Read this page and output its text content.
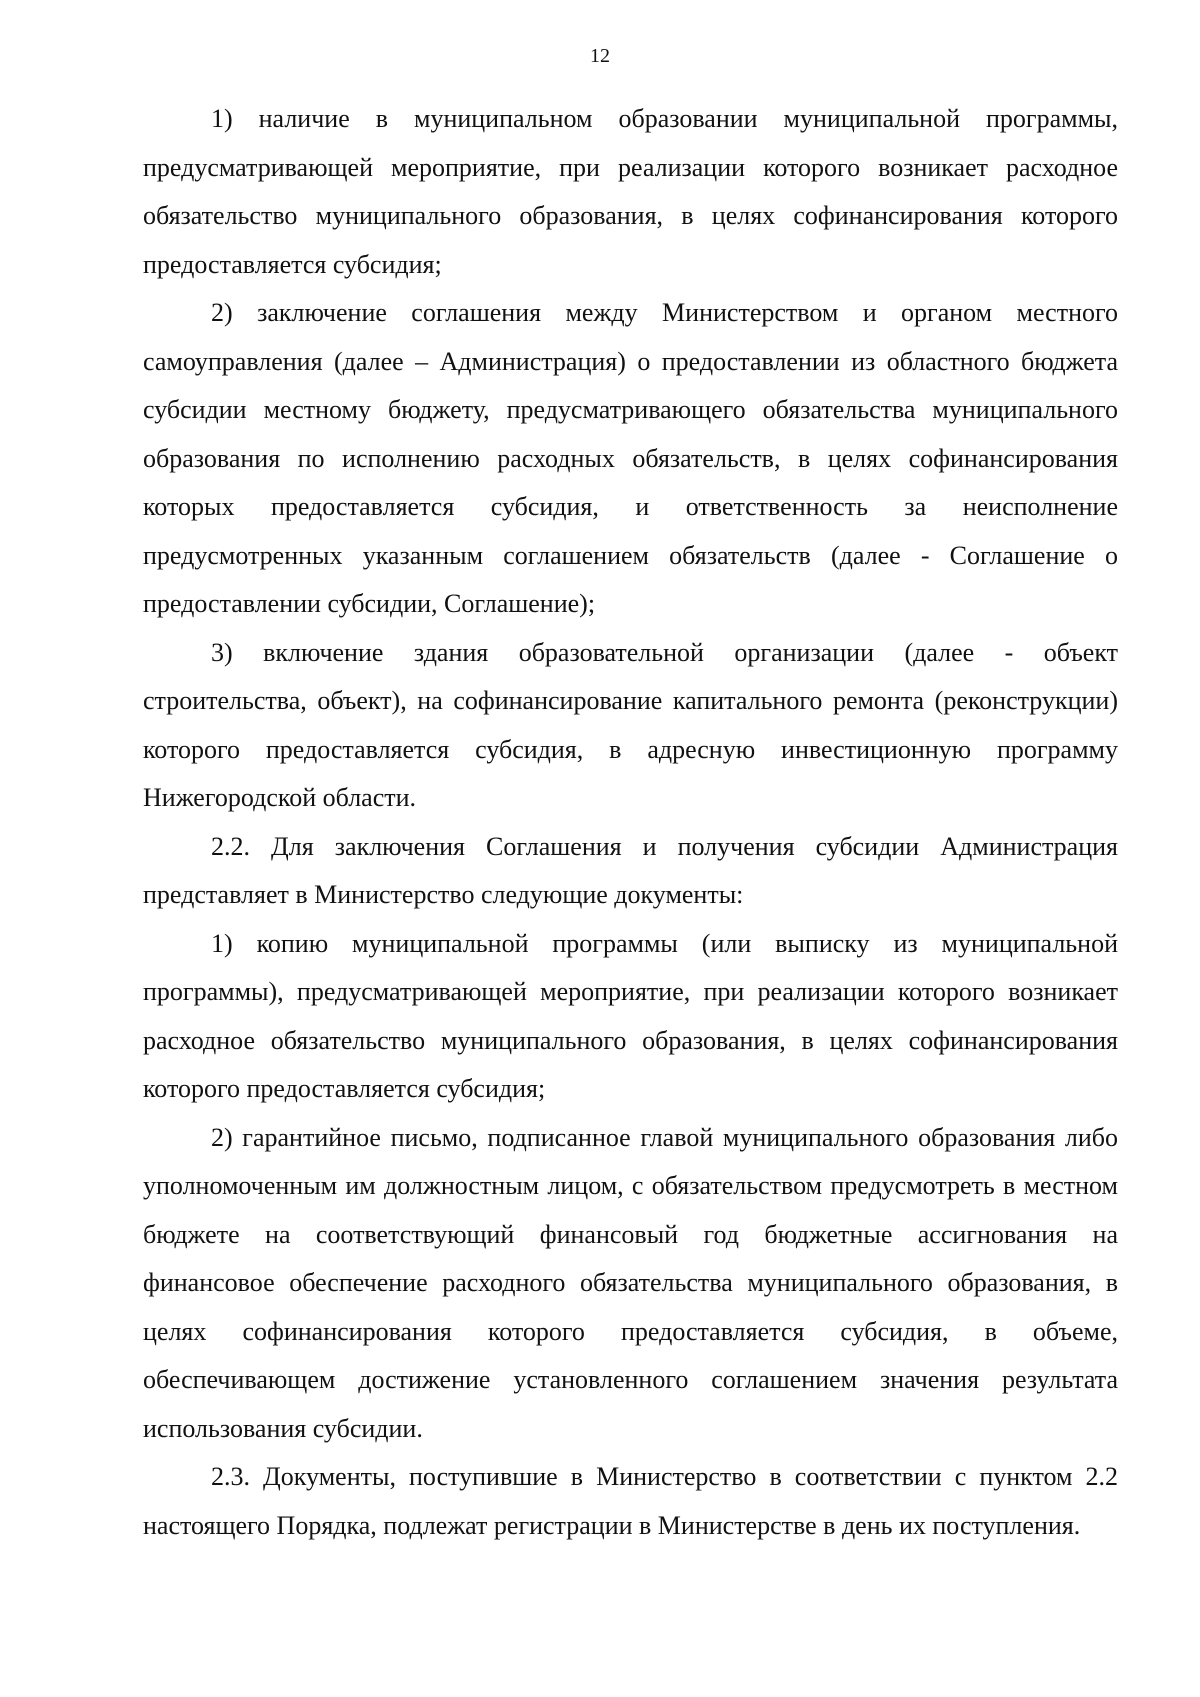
12

1) наличие в муниципальном образовании муниципальной программы, предусматривающей мероприятие, при реализации которого возникает расходное обязательство муниципального образования, в целях софинансирования которого предоставляется субсидия;

2) заключение соглашения между Министерством и органом местного самоуправления (далее – Администрация) о предоставлении из областного бюджета субсидии местному бюджету, предусматривающего обязательства муниципального образования по исполнению расходных обязательств, в целях софинансирования которых предоставляется субсидия, и ответственность за неисполнение предусмотренных указанным соглашением обязательств (далее - Соглашение о предоставлении субсидии, Соглашение);

3) включение здания образовательной организации (далее - объект строительства, объект), на софинансирование капитального ремонта (реконструкции) которого предоставляется субсидия, в адресную инвестиционную программу Нижегородской области.

2.2. Для заключения Соглашения и получения субсидии Администрация представляет в Министерство следующие документы:

1) копию муниципальной программы (или выписку из муниципальной программы), предусматривающей мероприятие, при реализации которого возникает расходное обязательство муниципального образования, в целях софинансирования которого предоставляется субсидия;

2) гарантийное письмо, подписанное главой муниципального образования либо уполномоченным им должностным лицом, с обязательством предусмотреть в местном бюджете на соответствующий финансовый год бюджетные ассигнования на финансовое обеспечение расходного обязательства муниципального образования, в целях софинансирования которого предоставляется субсидия, в объеме, обеспечивающем достижение установленного соглашением значения результата использования субсидии.

2.3. Документы, поступившие в Министерство в соответствии с пунктом 2.2 настоящего Порядка, подлежат регистрации в Министерстве в день их поступления.
